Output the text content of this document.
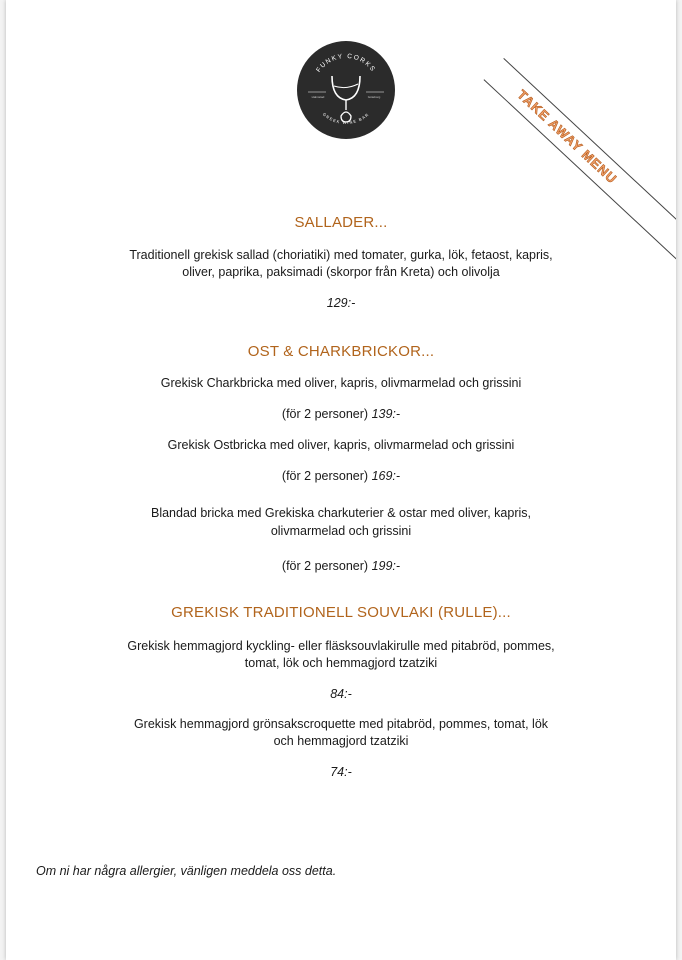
TAKE AWAY MENU
FUNKY CORKS
GREEK WINE BAR
Halmstad	Göteborg
SALLADER...
Traditionell grekisk sallad (choriatiki) med tomater, gurka, lök, fetaost, kapris,
oliver, paprika, paksimadi (skorpor från Kreta) och olivolja
129:-
OST & CHARKBRICKOR...
Grekisk Charkbricka med oliver, kapris, olivmarmelad och grissini
(för 2 personer) 139:-
Grekisk Ostbricka med oliver, kapris, olivmarmelad och grissini
(för 2 personer) 169:-
Blandad bricka med Grekiska charkuterier & ostar med oliver, kapris,
olivmarmelad och grissini
(för 2 personer) 199:-
GREKISK TRADITIONELL SOUVLAKI (RULLE)...
Grekisk hemmagjord kyckling- eller fläsksouvlakirulle med pitabröd, pommes,
tomat, lök och hemmagjord tzatziki
84:-
Grekisk hemmagjord grönsakscroquette med pitabröd, pommes, tomat, lök
och hemmagjord tzatziki
74:-
Om ni har några allergier, vänligen meddela oss detta.
